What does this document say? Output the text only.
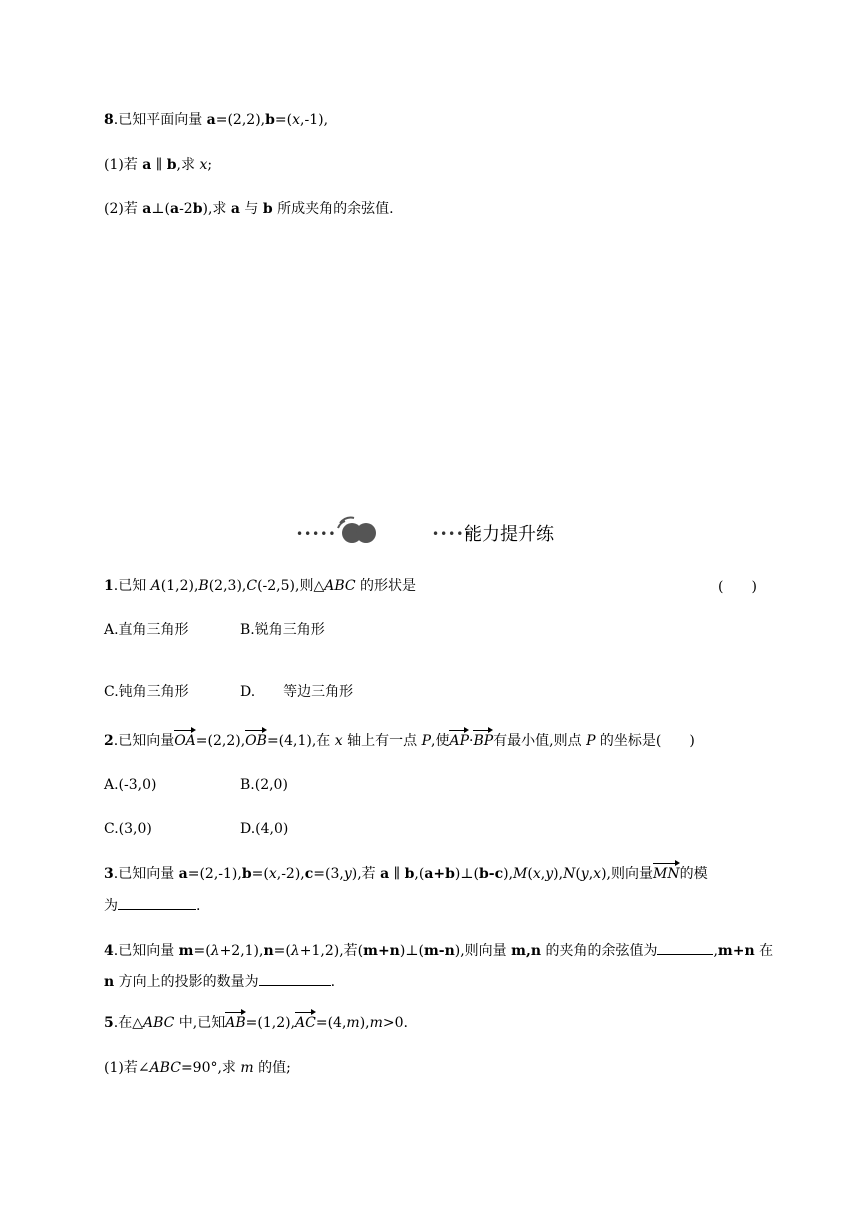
8.已知平面向量 a=(2,2),b=(x,-1),
(1)若 a ∥ b,求 x;
(2)若 a⊥(a-2b),求 a 与 b 所成夹角的余弦值.
•••••	•••••
能力提升练
1.已知 A(1,2),B(2,3),C(-2,5),则△ABC 的形状是	(　　)
A.直角三角形	B.锐角三角形
C.钝角三角形	D.　　等边三角形
2.已知向量OA=(2,2),OB=(4,1),在 x 轴上有一点 P,使AP·BP有最小值,则点 P 的坐标是(　　)
A.(-3,0)	B.(2,0)
C.(3,0)	D.(4,0)
3.已知向量 a=(2,-1),b=(x,-2),c=(3,y),若 a ∥ b,(a+b)⊥(b-c),M(x,y),N(y,x),则向量MN的模
为	.
4.已知向量 m=(λ+2,1),n=(λ+1,2),若(m+n)⊥(m-n),则向量 m,n 的夹角的余弦值为	,m+n 在
n 方向上的投影的数量为	.
5.在△ABC 中,已知AB=(1,2),AC=(4,m),m>0.
(1)若∠ABC=90°,求 m 的值;
